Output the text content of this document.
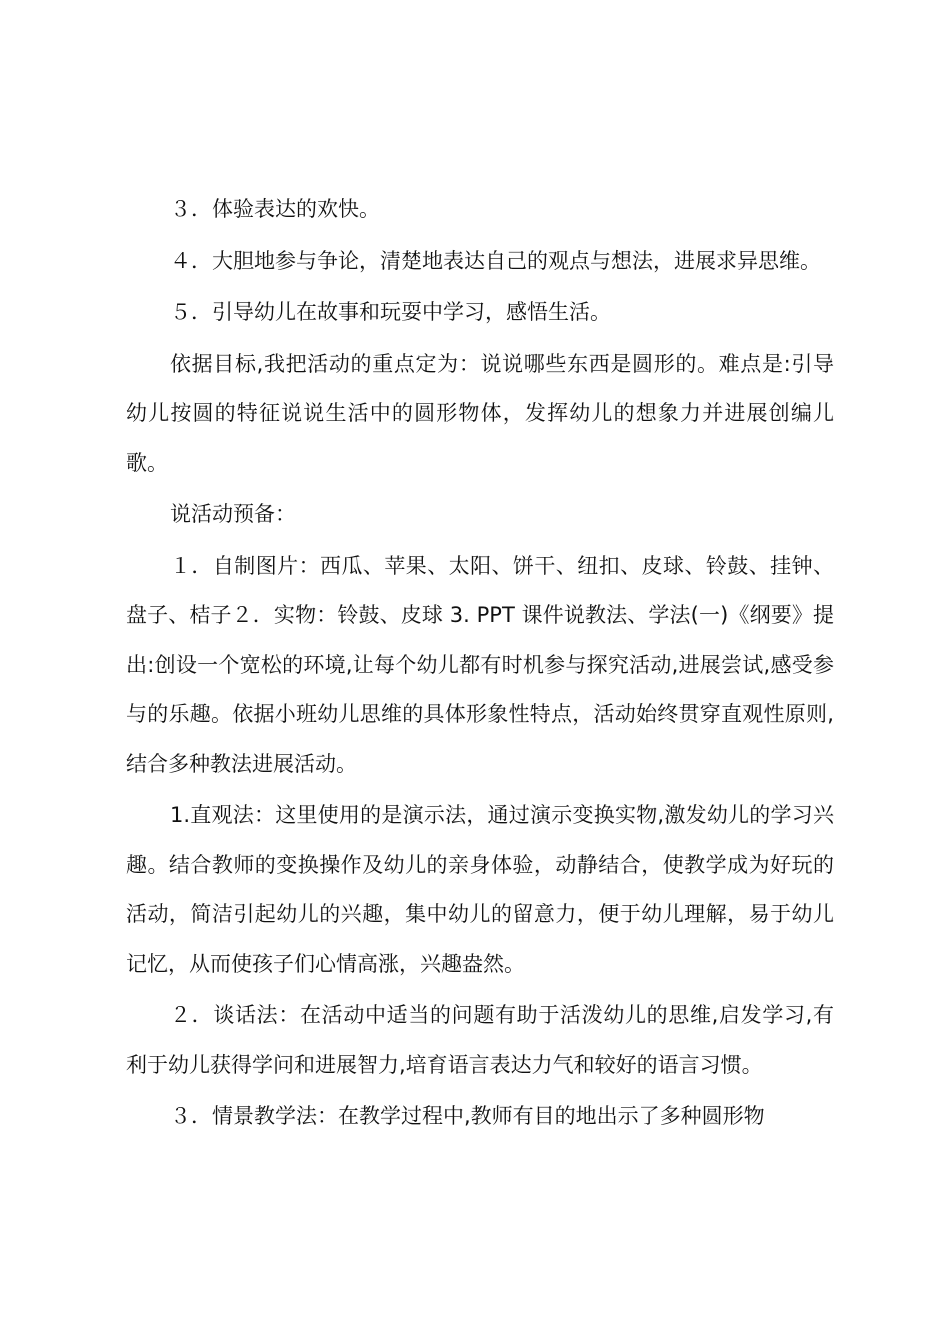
３．体验表达的欢快。

４．大胆地参与争论，清楚地表达自己的观点与想法，进展求异思维。

５．引导幼儿在故事和玩耍中学习，感悟生活。

依据目标,我把活动的重点定为：说说哪些东西是圆形的。难点是:引导幼儿按圆的特征说说生活中的圆形物体，发挥幼儿的想象力并进展创编儿歌。

说活动预备：

１．自制图片：西瓜、苹果、太阳、饼干、纽扣、皮球、铃鼓、挂钟、盘子、桔子２．实物：铃鼓、皮球 3. PPT 课件说教法、学法(一)《纲要》提出:创设一个宽松的环境,让每个幼儿都有时机参与探究活动,进展尝试,感受参与的乐趣。依据小班幼儿思维的具体形象性特点，活动始终贯穿直观性原则,结合多种教法进展活动。

1.直观法：这里使用的是演示法，通过演示变换实物,激发幼儿的学习兴趣。结合教师的变换操作及幼儿的亲身体验，动静结合，使教学成为好玩的活动，简洁引起幼儿的兴趣，集中幼儿的留意力，便于幼儿理解，易于幼儿记忆，从而使孩子们心情高涨，兴趣盎然。

２．谈话法：在活动中适当的问题有助于活泼幼儿的思维,启发学习,有利于幼儿获得学问和进展智力,培育语言表达力气和较好的语言习惯。

３．情景教学法：在教学过程中,教师有目的地出示了多种圆形物
